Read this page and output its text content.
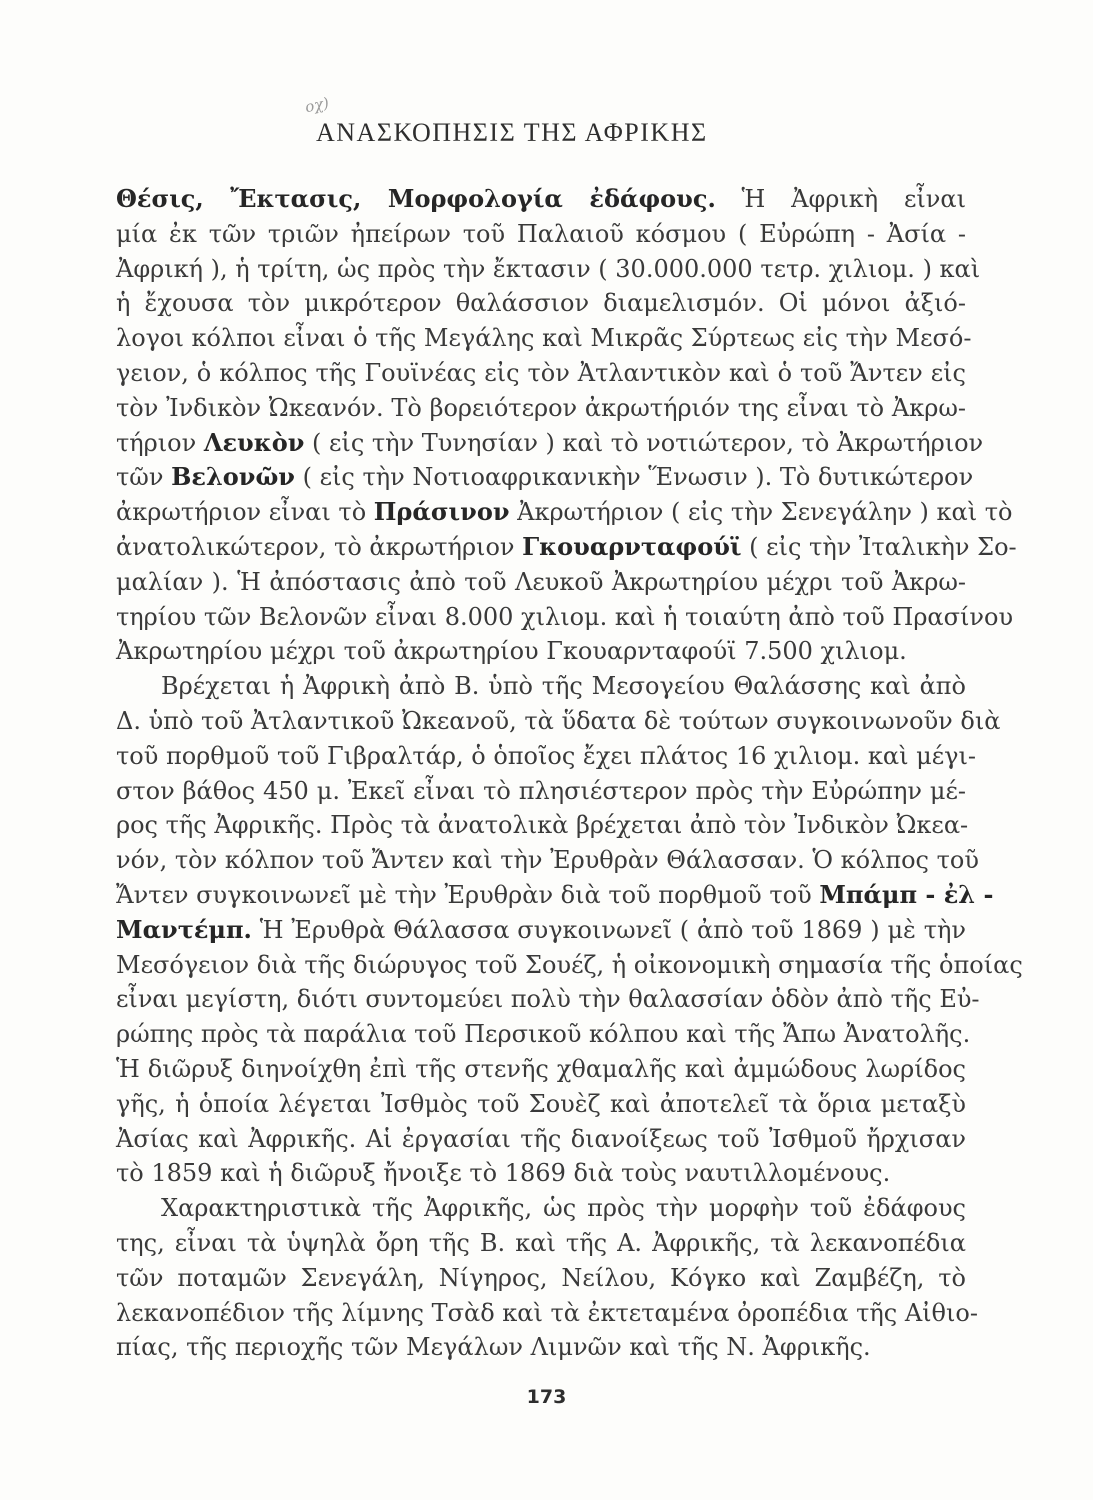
οχ)
ΑΝΑΣΚΟΠΗΣΙΣ ΤΗΣ ΑΦΡΙΚΗΣ
Θέσις, Ἔκτασις, Μορφολογία ἐδάφους. Ἡ Ἀφρικὴ εἶναι
μία ἐκ τῶν τριῶν ἠπείρων τοῦ Παλαιοῦ κόσμου ( Εὐρώπη - Ἀσία -
Ἀφρική ), ἡ τρίτη, ὡς πρὸς τὴν ἔκτασιν ( 30.000.000 τετρ. χιλιομ. ) καὶ
ἡ ἔχουσα τὸν μικρότερον θαλάσσιον διαμελισμόν. Οἱ μόνοι ἀξιό-
λογοι κόλποι εἶναι ὁ τῆς Μεγάλης καὶ Μικρᾶς Σύρτεως εἰς τὴν Μεσό-
γειον, ὁ κόλπος τῆς Γουϊνέας εἰς τὸν Ἀτλαντικὸν καὶ ὁ τοῦ Ἄντεν εἰς
τὸν Ἰνδικὸν Ὠκεανόν. Τὸ βορειότερον ἀκρωτήριόν της εἶναι τὸ Ἀκρω-
τήριον Λευκὸν ( εἰς τὴν Τυνησίαν ) καὶ τὸ νοτιώτερον, τὸ Ἀκρωτήριον
τῶν Βελονῶν ( εἰς τὴν Νοτιοαφρικανικὴν Ἕνωσιν ). Τὸ δυτικώτερον
ἀκρωτήριον εἶναι τὸ Πράσινον Ἀκρωτήριον ( εἰς τὴν Σενεγάλην ) καὶ τὸ
ἀνατολικώτερον, τὸ ἀκρωτήριον Γκουαρνταφούϊ ( εἰς τὴν Ἰταλικὴν Σο-
μαλίαν ). Ἡ ἀπόστασις ἀπὸ τοῦ Λευκοῦ Ἀκρωτηρίου μέχρι τοῦ Ἀκρω-
τηρίου τῶν Βελονῶν εἶναι 8.000 χιλιομ. καὶ ἡ τοιαύτη ἀπὸ τοῦ Πρασίνου
Ἀκρωτηρίου μέχρι τοῦ ἀκρωτηρίου Γκουαρνταφούϊ 7.500 χιλιομ.
Βρέχεται ἡ Ἀφρικὴ ἀπὸ Β. ὑπὸ τῆς Μεσογείου Θαλάσσης καὶ ἀπὸ
Δ. ὑπὸ τοῦ Ἀτλαντικοῦ Ὠκεανοῦ, τὰ ὕδατα δὲ τούτων συγκοινωνοῦν διὰ
τοῦ πορθμοῦ τοῦ Γιβραλτάρ, ὁ ὁποῖος ἔχει πλάτος 16 χιλιομ. καὶ μέγι-
στον βάθος 450 μ. Ἐκεῖ εἶναι τὸ πλησιέστερον πρὸς τὴν Εὐρώπην μέ-
ρος τῆς Ἀφρικῆς. Πρὸς τὰ ἀνατολικὰ βρέχεται ἀπὸ τὸν Ἰνδικὸν Ὠκεα-
νόν, τὸν κόλπον τοῦ Ἄντεν καὶ τὴν Ἐρυθρὰν Θάλασσαν. Ὁ κόλπος τοῦ
Ἄντεν συγκοινωνεῖ μὲ τὴν Ἐρυθρὰν διὰ τοῦ πορθμοῦ τοῦ Μπάμπ - ἐλ -
Μαντέμπ. Ἡ Ἐρυθρὰ Θάλασσα συγκοινωνεῖ ( ἀπὸ τοῦ 1869 ) μὲ τὴν
Μεσόγειον διὰ τῆς διώρυγος τοῦ Σουέζ, ἡ οἰκονομικὴ σημασία τῆς ὁποίας
εἶναι μεγίστη, διότι συντομεύει πολὺ τὴν θαλασσίαν ὁδὸν ἀπὸ τῆς Εὐ-
ρώπης πρὸς τὰ παράλια τοῦ Περσικοῦ κόλπου καὶ τῆς Ἄπω Ἀνατολῆς.
Ἡ διῶρυξ διηνοίχθη ἐπὶ τῆς στενῆς χθαμαλῆς καὶ ἀμμώδους λωρίδος
γῆς, ἡ ὁποία λέγεται Ἰσθμὸς τοῦ Σουὲζ καὶ ἀποτελεῖ τὰ ὅρια μεταξὺ
Ἀσίας καὶ Ἀφρικῆς. Αἱ ἐργασίαι τῆς διανοίξεως τοῦ Ἰσθμοῦ ἤρχισαν
τὸ 1859 καὶ ἡ διῶρυξ ἤνοιξε τὸ 1869 διὰ τοὺς ναυτιλλομένους.
Χαρακτηριστικὰ τῆς Ἀφρικῆς, ὡς πρὸς τὴν μορφὴν τοῦ ἐδάφους
της, εἶναι τὰ ὑψηλὰ ὄρη τῆς Β. καὶ τῆς Α. Ἀφρικῆς, τὰ λεκανοπέδια
τῶν ποταμῶν Σενεγάλη, Νίγηρος, Νείλου, Κόγκο καὶ Ζαμβέζη, τὸ
λεκανοπέδιον τῆς λίμνης Τσὰδ καὶ τὰ ἐκτεταμένα ὀροπέδια τῆς Αἰθιο-
πίας, τῆς περιοχῆς τῶν Μεγάλων Λιμνῶν καὶ τῆς Ν. Ἀφρικῆς.
173
